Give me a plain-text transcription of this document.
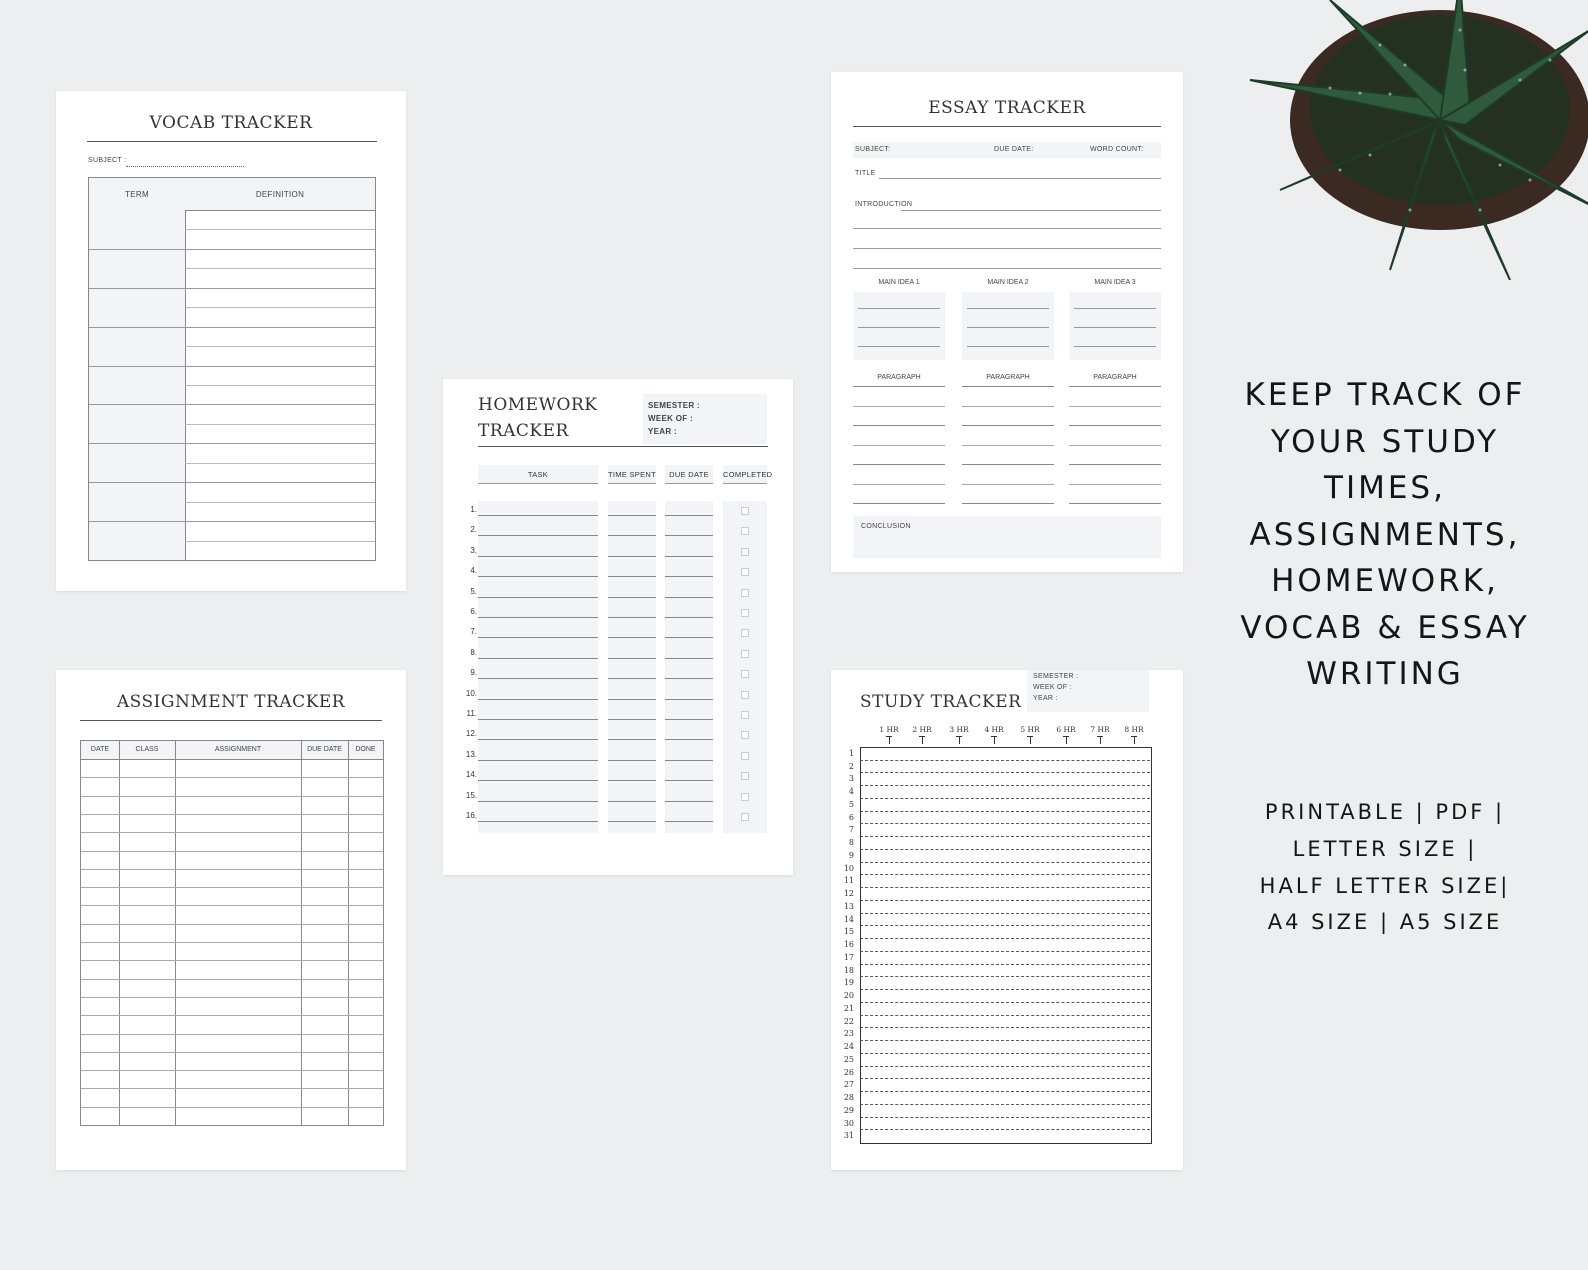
VOCAB TRACKER
SUBJECT :
TERM	DEFINITION
ASSIGNMENT TRACKER
DATE	CLASS	ASSIGNMENT	DUE DATE	DONE
HOMEWORK
TRACKER
SEMESTER :
WEEK OF :
YEAR :
TASK	TIME SPENT	DUE DATE	COMPLETED
1.
2.
3.
4.
5.
6.
7.
8.
9.
10.
11.
12.
13.
14.
15.
16.
ESSAY TRACKER
SUBJECT:	DUE DATE:	WORD COUNT:
TITLE
INTRODUCTION
MAIN IDEA 1	MAIN IDEA 2	MAIN IDEA 3
PARAGRAPH	PARAGRAPH	PARAGRAPH
CONCLUSION
STUDY TRACKER
SEMESTER :
WEEK OF :
YEAR :
1 HR	2 HR	3 HR	4 HR	5 HR	6 HR	7 HR	8 HR
1
2
3
4
5
6
7
8
9
10
11
12
13
14
15
16
17
18
19
20
21
22
23
24
25
26
27
28
29
30
31
KEEP TRACK OF
YOUR STUDY
TIMES,
ASSIGNMENTS,
HOMEWORK,
VOCAB & ESSAY
WRITING
PRINTABLE | PDF |
LETTER SIZE |
HALF LETTER SIZE|
A4 SIZE | A5 SIZE
